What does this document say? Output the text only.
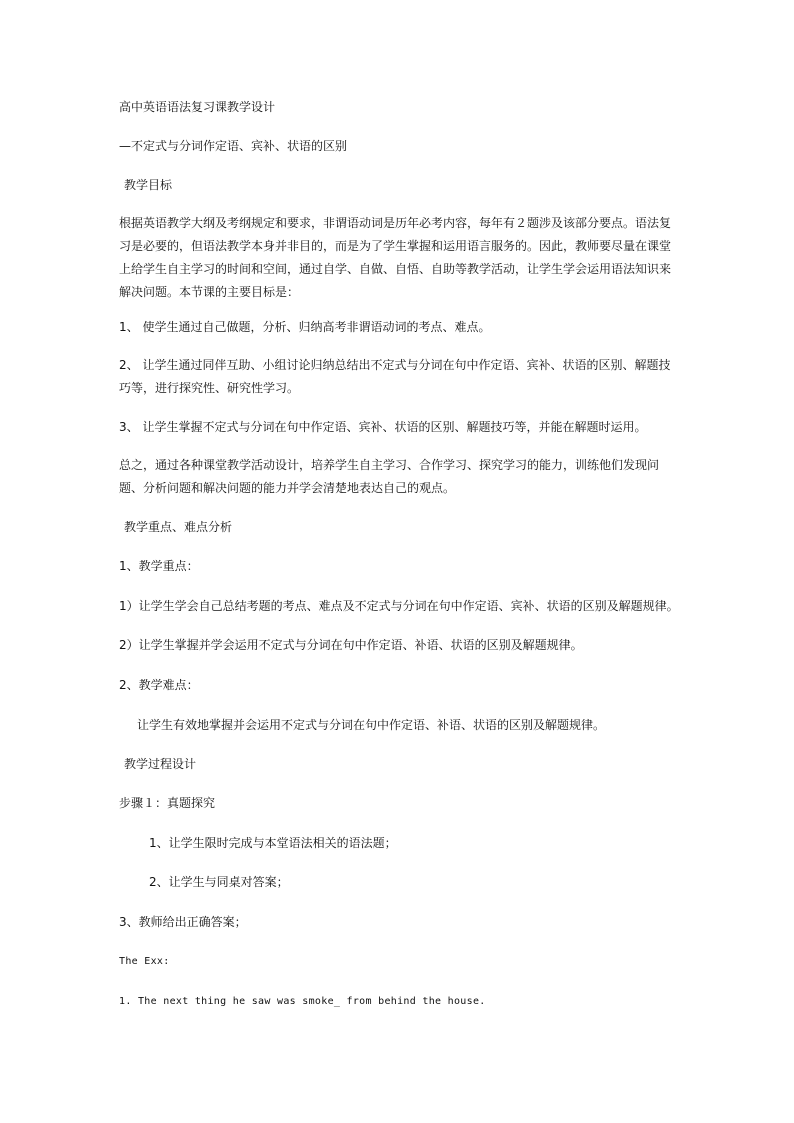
高中英语语法复习课教学设计
—不定式与分词作定语、宾补、状语的区别
教学目标
根据英语教学大纲及考纲规定和要求，非谓语动词是历年必考内容，每年有２题涉及该部分要点。语法复习是必要的，但语法教学本身并非目的，而是为了学生掌握和运用语言服务的。因此，教师要尽量在课堂上给学生自主学习的时间和空间，通过自学、自做、自悟、自助等教学活动，让学生学会运用语法知识来解决问题。本节课的主要目标是：
1、 使学生通过自己做题，分析、归纳高考非谓语动词的考点、难点。
2、 让学生通过同伴互助、小组讨论归纳总结出不定式与分词在句中作定语、宾补、状语的区别、解题技巧等，进行探究性、研究性学习。
3、 让学生掌握不定式与分词在句中作定语、宾补、状语的区别、解题技巧等，并能在解题时运用。
总之，通过各种课堂教学活动设计，培养学生自主学习、合作学习、探究学习的能力，训练他们发现问题、分析问题和解决问题的能力并学会清楚地表达自己的观点。
教学重点、难点分析
1、教学重点：
1）让学生学会自己总结考题的考点、难点及不定式与分词在句中作定语、宾补、状语的区别及解题规律。
2）让学生掌握并学会运用不定式与分词在句中作定语、补语、状语的区别及解题规律。
2、教学难点：
让学生有效地掌握并会运用不定式与分词在句中作定语、补语、状语的区别及解题规律。
教学过程设计
步骤１：真题探究
1、让学生限时完成与本堂语法相关的语法题；
2、让学生与同桌对答案；
3、教师给出正确答案；
The Exx:
1. The next thing he saw was smoke_ from behind the house.
